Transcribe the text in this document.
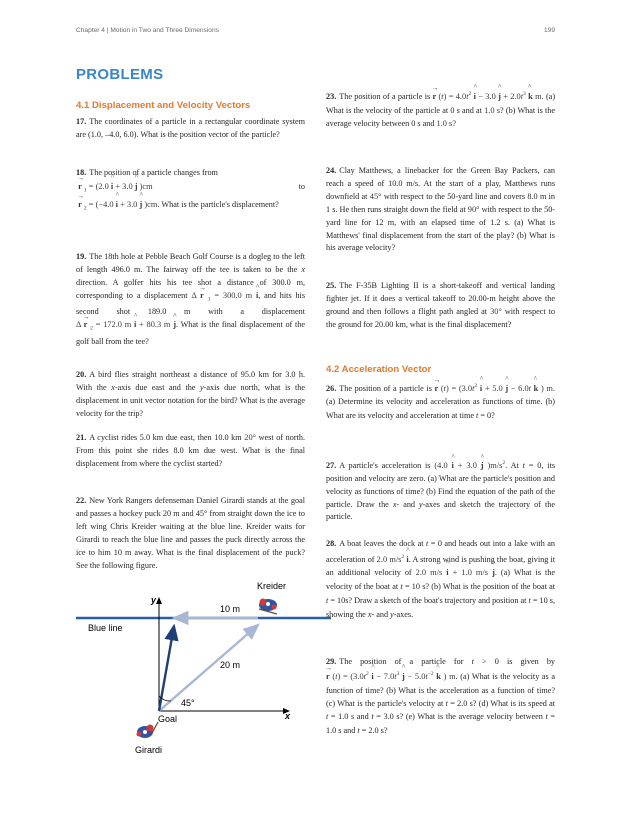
Chapter 4 | Motion in Two and Three Dimensions	199
PROBLEMS
4.1 Displacement and Velocity Vectors
17. The coordinates of a particle in a rectangular coordinate system are (1.0, –4.0, 6.0). What is the position vector of the particle?
18. The position of a particle changes from
→ r $_1$ = (2.0 ^ i + 3.0 ^ j )cm	to

→ r $_2$ = (−4.0 ^ i + 3.0 ^ j )cm. What is the particle's displacement?
19. The 18th hole at Pebble Beach Golf Course is a dogleg to the left of length 496.0 m. The fairway off the tee is taken to be the x direction. A golfer hits his tee shot a distance of 300.0 m, corresponding to a displacement Δ → r $_1$ = 300.0 m ^ i, and hits his second shot 189.0 m with a displacement Δ → r $_2$ = 172.0 m ^ i + 80.3 m ^ j. What is the final displacement of the golf ball from the tee?
20. A bird flies straight northeast a distance of 95.0 km for 3.0 h. With the x-axis due east and the y-axis due north, what is the displacement in unit vector notation for the bird? What is the average velocity for the trip?
21. A cyclist rides 5.0 km due east, then 10.0 km 20° west of north. From this point she rides 8.0 km due west. What is the final displacement from where the cyclist started?
22. New York Rangers defenseman Daniel Girardi stands at the goal and passes a hockey puck 20 m and 45° from straight down the ice to left wing Chris Kreider waiting at the blue line. Kreider waits for Girardi to reach the blue line and passes the puck directly across the ice to him 10 m away. What is the final displacement of the puck? See the following figure.
45°
20 m
10 m
Blue line
y
x
Goal
Girardi
Kreider
23. The position of a particle is → r $(t) = 4.0t^2$ ^ i − 3.0 ^ $j + 2.0t^3$ ^ k m. (a) What is the velocity of the particle at 0 s and at 1.0 s? (b) What is the average velocity between 0 s and 1.0 s?
24. Clay Matthews, a linebacker for the Green Bay Packers, can reach a speed of 10.0 m/s. At the start of a play, Matthews runs downfield at 45° with respect to the 50-yard line and covers 8.0 m in 1 s. He then runs straight down the field at 90° with respect to the 50-yard line for 12 m, with an elapsed time of 1.2 s. (a) What is Matthews' final displacement from the start of the play? (b) What is his average velocity?
25. The F-35B Lighting II is a short-takeoff and vertical landing fighter jet. If it does a vertical takeoff to 20.00-m height above the ground and then follows a flight path angled at 30° with respect to the ground for 20.00 km, what is the final displacement?
4.2 Acceleration Vector
26. The position of a particle is → r $(t) = (3.0t^2$ ^ i + 5.0 ^ j − 6.0t ^ k ) m. (a) Determine its velocity and acceleration as functions of time. (b) What are its velocity and acceleration at time t = 0?
27. A particle's acceleration is (4.0 ^ i + 3.0 ^ j )$m/s^2$. At t = 0, its position and velocity are zero. (a) What are the particle's position and velocity as functions of time? (b) Find the equation of the path of the particle. Draw the x- and y-axes and sketch the trajectory of the particle.
28. A boat leaves the dock at t = 0 and heads out into a lake with an acceleration of 2.0 $m/s^2$ ^ i. A strong wind is pushing the boat, giving it an additional velocity of 2.0 m/s ^ i + 1.0 m/s ^ j. (a) What is the velocity of the boat at t = 10 s? (b) What is the position of the boat at t = 10s? Draw a sketch of the boat's trajectory and position at t = 10 s, showing the x- and y-axes.
29. The position of a particle for t > 0 is given by → r $(t) = (3.0t^2$ ^ $i - 7.0t^3$ ^ $j - 5.0t^{-2}$ ^ k ) m. (a) What is the velocity as a function of time? (b) What is the acceleration as a function of time? (c) What is the particle's velocity at t = 2.0 s? (d) What is its speed at t = 1.0 s and t = 3.0 s? (e) What is the average velocity between t = 1.0 s and t = 2.0 s?
